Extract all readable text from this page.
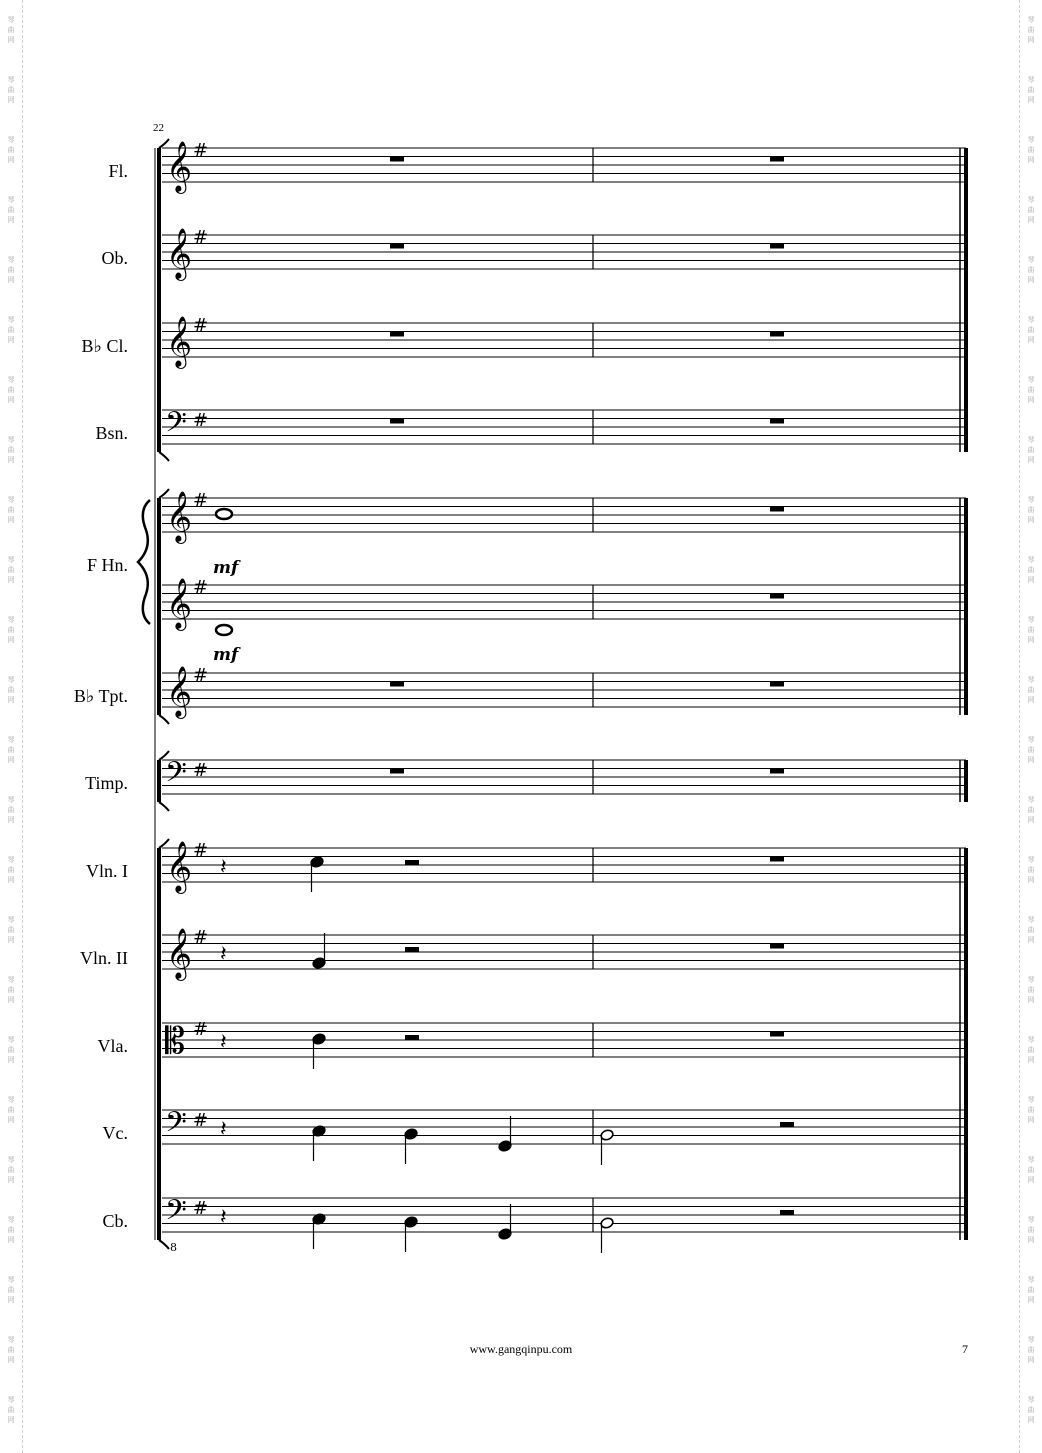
琴
曲
网
琴
曲
网
琴
曲
网
琴
曲
网
琴
曲
网
琴
曲
网
琴
曲
网
琴
曲
网
琴
曲
网
琴
曲
网
琴
曲
网
琴
曲
网
琴
曲
网
琴
曲
网
琴
曲
网
琴
曲
网
琴
曲
网
琴
曲
网
琴
曲
网
琴
曲
网
琴
曲
网
琴
曲
网
琴
曲
网
琴
曲
网
琴
曲
网
琴
曲
网
琴
曲
网
琴
曲
网
琴
曲
网
琴
曲
网
琴
曲
网
琴
曲
网
琴
曲
网
琴
曲
网
琴
曲
网
琴
曲
网
琴
曲
网
琴
曲
网
琴
曲
网
琴
曲
网
琴
曲
网
琴
曲
网
琴
曲
网
琴
曲
网
琴
曲
网
琴
曲
网
琴
曲
网
琴
曲
网
22
Fl.
Ob.
B♭ Cl.
Bsn.
F Hn.
B♭ Tpt.
Timp.
Vln. I
Vln. II
Vla.
Vc.
Cb.
mf
mf
8
𝄞 #
𝄞 #
𝄞 #
𝄢 #
𝄞 #
𝄞 #
𝄞 #
𝄢 #
𝄞 #
𝄞 #
𝄡 #
𝄢 #
𝄢 #
𝄽
𝄽
𝄽
𝄽
𝄽
www.gangqinpu.com	7
